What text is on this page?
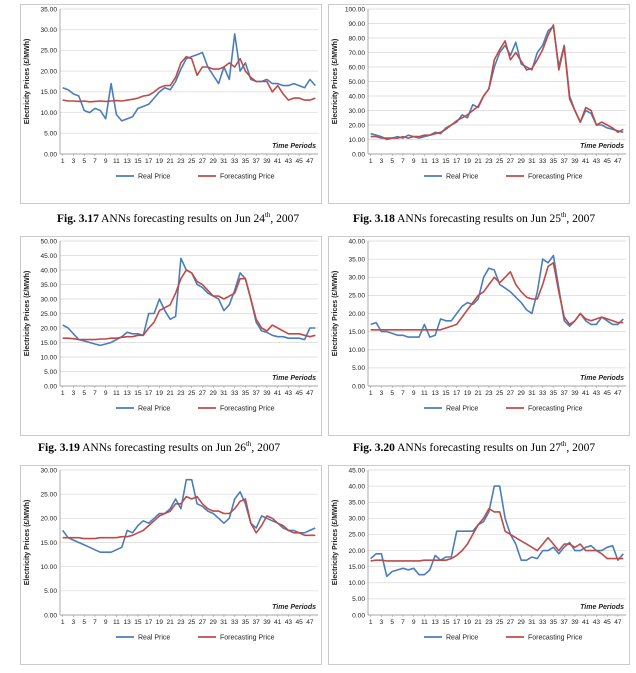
0.00
5.00
10.00
15.00
20.00
25.00
30.00
35.00
1 3 5 7 9 11 13 15 17 19 21 23 25 27 29 31 33 35 37 39 41 43 45 47
Electricity Prices (£/MWh)
Time Periods
Real Price	Forecasting Price
0.00
10.00
20.00
30.00
40.00
50.00
60.00
70.00
80.00
90.00
100.00
1 3 5 7 9 11 13 15 17 19 21 23 25 27 29 31 33 35 37 39 41 43 45 47
Electricity Prices (£/MWh)
Time Periods
Real Price	Forecasting Price
0.00
5.00
10.00
15.00
20.00
25.00
30.00
35.00
40.00
45.00
50.00
1 3 5 7 9 11 13 15 17 19 21 23 25 27 29 31 33 35 37 39 41 43 45 47
Electricity Prices (£/MWh)
Time Periods
Real Price	Forecasting Price
0.00
5.00
10.00
15.00
20.00
25.00
30.00
35.00
40.00
1 3 5 7 9 11 13 15 17 19 21 23 25 27 29 31 33 35 37 39 41 43 45 47
Electricity Prices (£/MWh)
Time Periods
Real Price	Forecasting Price
0.00
5.00
10.00
15.00
20.00
25.00
30.00
1 3 5 7 9 11 13 15 17 19 21 23 25 27 29 31 33 35 37 39 41 43 45 47
Electricity Prices (£/MWh)
Time Periods
Real Price	Forecasting Price
0.00
5.00
10.00
15.00
20.00
25.00
30.00
35.00
40.00
45.00
1 3 5 7 9 11 13 15 17 19 21 23 25 27 29 31 33 35 37 39 41 43 45 47
Electricity Prices (£/MWh)
Time Periods
Real Price	Forecasting Price
Fig. 3.17 ANNs forecasting results on Jun 24th, 2007	Fig. 3.18 ANNs forecasting results on Jun 25th, 2007
Fig. 3.19 ANNs forecasting results on Jun 26th, 2007	Fig. 3.20 ANNs forecasting results on Jun 27th, 2007
